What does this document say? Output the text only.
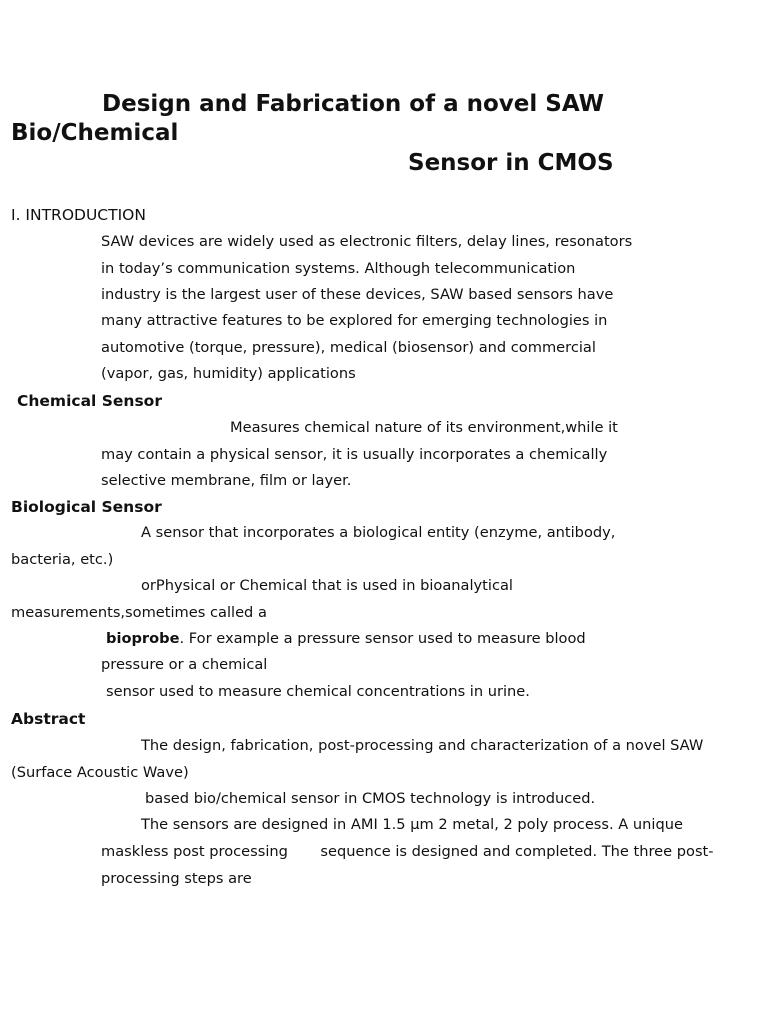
Design and Fabrication of a novel SAW
Bio/Chemical
Sensor in CMOS
I. INTRODUCTION
SAW devices are widely used as electronic filters, delay lines, resonators
in today’s communication systems. Although telecommunication
industry is the largest user of these devices, SAW based sensors have
many attractive features to be explored for emerging technologies in
automotive (torque, pressure), medical (biosensor) and commercial
(vapor, gas, humidity) applications
Chemical Sensor
Measures chemical nature of its environment,while it
may contain a physical sensor, it is usually incorporates a chemically
selective membrane, film or layer.
Biological Sensor
A sensor that incorporates a biological entity (enzyme, antibody,
bacteria, etc.)
orPhysical or Chemical that is used in bioanalytical
measurements,sometimes called a
bioprobe. For example a pressure sensor used to measure blood
pressure or a chemical
sensor used to measure chemical concentrations in urine.
Abstract
The design, fabrication, post-processing and characterization of a novel SAW
(Surface Acoustic Wave)
based bio/chemical sensor in CMOS technology is introduced.
The sensors are designed in AMI 1.5 µm 2 metal, 2 poly process. A unique
maskless post processing       sequence is designed and completed. The three post-
processing steps are
